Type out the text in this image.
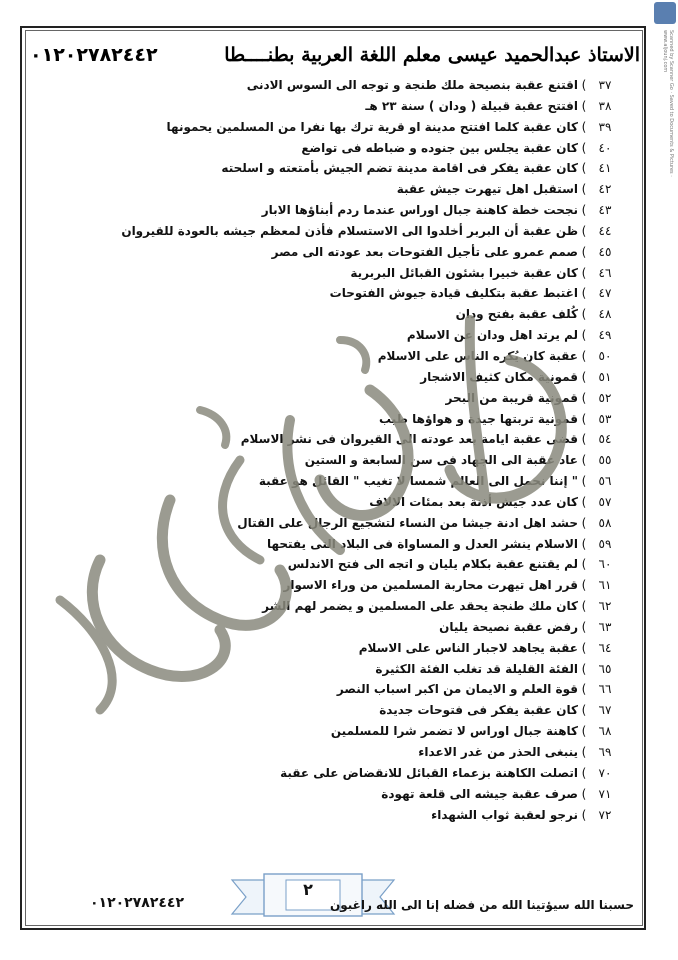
Scanned by Scanner Go · Saved to Documents & Pictures · www.aljounj.com
الاستاذ عبدالحميد عيسى معلم اللغة العربية بطنــــطا
٠١٢٠٢٧٨٢٤٤٢
٣٧
)
اقتنع عقبة بنصيحة ملك طنجة و توجه الى السوس الادنى
٣٨
)
افتتح عقبة قبيلة ( ودان ) سنة ٢٣ هـ
٣٩
)
كان عقبة كلما افتتح مدينة او قرية ترك بها نفرا من المسلمين يحمونها
٤٠
)
كان عقبة يجلس بين جنوده و ضباطه فى تواضع
٤١
)
كان عقبة يفكر فى اقامة مدينة تضم الجيش بأمتعته و اسلحته
٤٢
)
استقبل اهل تيهرت جيش عقبة
٤٣
)
نجحت خطة كاهنة جبال اوراس عندما ردم أبناؤها الابار
٤٤
)
ظن عقبة أن البربر أخلدوا الى الاستسلام فأذن لمعظم جيشه بالعودة للقيروان
٤٥
)
صمم عمرو على تأجيل الفتوحات بعد عودته الى مصر
٤٦
)
كان عقبة خبيرا بشئون القبائل البربرية
٤٧
)
اغتبط عقبة بتكليف قيادة جيوش الفتوحات
٤٨
)
كُلف عقبة بفتح ودان
٤٩
)
لم يرتد اهل ودان عن الاسلام
٥٠
)
عقبة كان يُكره الناس على الاسلام
٥١
)
قمونية مكان كثيف الاشجار
٥٢
)
قمونية قريبة من البحر
٥٣
)
قمونية تربتها جيدة و هواؤها طيب
٥٤
)
قضى عقبة ايامة بعد عودته الى القيروان فى نشر الاسلام
٥٥
)
عاد عقبة الى الجهاد فى سن السابعة و الستين
٥٦
)
" إننا نحمل الى العالم شمسا لا تغيب " القائل هو عقبة
٥٧
)
كان عدد جيش أذنة بعد بمئات الالاف
٥٨
)
حشد اهل ادنة جيشا من النساء لتشجيع الرجال على القتال
٥٩
)
الاسلام ينشر العدل و المساواة فى البلاد التى يفتحها
٦٠
)
لم يقتنع عقبة بكلام يليان و اتجه الى فتح الاندلس
٦١
)
قرر اهل تيهرت محاربة المسلمين من وراء الاسوار
٦٢
)
كان ملك طنجة يحقد على المسلمين و يضمر لهم الشر
٦٣
)
رفض عقبة نصيحة يليان
٦٤
)
عقبة يجاهد لاجبار الناس على الاسلام
٦٥
)
الفئة القليلة قد تغلب الفئة الكثيرة
٦٦
)
قوة العلم و الايمان من اكبر اسباب النصر
٦٧
)
كان عقبة يفكر فى فتوحات جديدة
٦٨
)
كاهنة جبال اوراس لا تضمر شرا للمسلمين
٦٩
)
ينبغى الحذر من غدر الاعداء
٧٠
)
اتصلت الكاهنة بزعماء القبائل للانقضاض على عقبة
٧١
)
صرف عقبة جيشه الى قلعة تهودة
٧٢
)
نرجو لعقبة ثواب الشهداء
٢
حسبنا الله سيؤتينا الله من فضله إنا الى الله راغبون
٠١٢٠٢٧٨٢٤٤٢
